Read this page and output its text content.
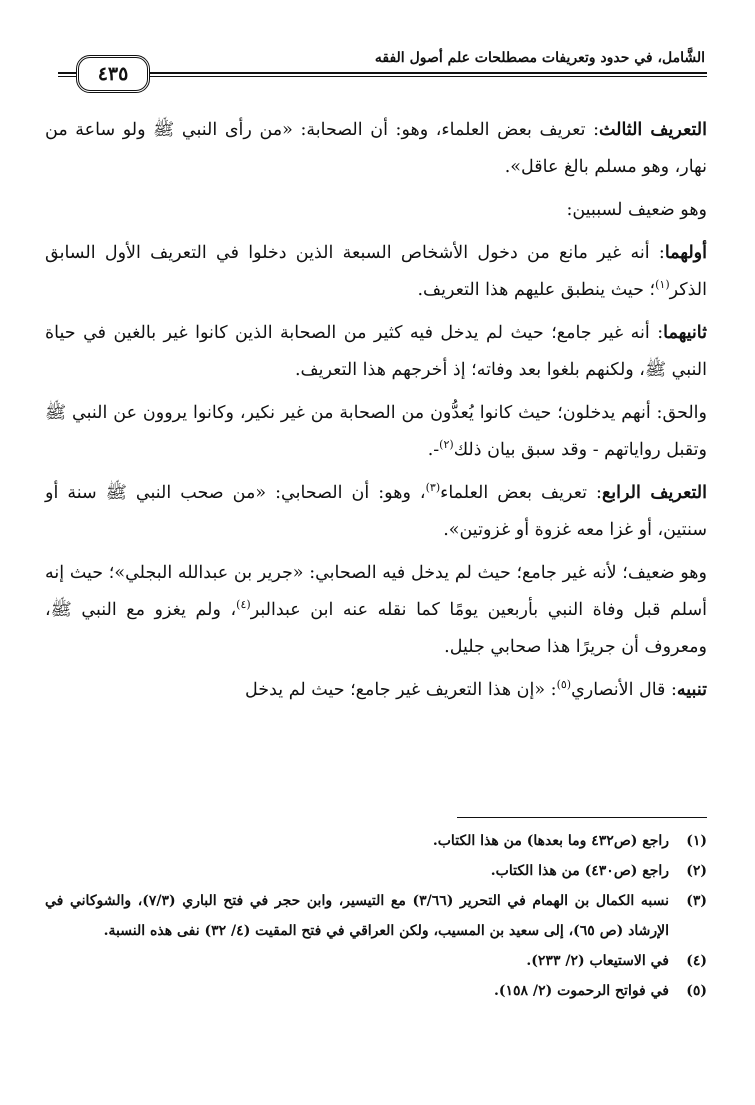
الشَّامل، في حدود وتعريفات مصطلحات علم أصول الفقه
٤٣٥

التعريف الثالث: تعريف بعض العلماء، وهو: أن الصحابة: «من رأى النبي ﷺ ولو ساعة من نهار، وهو مسلم بالغ عاقل».

وهو ضعيف لسببين:

أولهما: أنه غير مانع من دخول الأشخاص السبعة الذين دخلوا في التعريف الأول السابق الذكر$^{(١)}$؛ حيث ينطبق عليهم هذا التعريف.

ثانيهما: أنه غير جامع؛ حيث لم يدخل فيه كثير من الصحابة الذين كانوا غير بالغين في حياة النبي ﷺ، ولكنهم بلغوا بعد وفاته؛ إذ أخرجهم هذا التعريف.

والحق: أنهم يدخلون؛ حيث كانوا يُعدُّون من الصحابة من غير نكير، وكانوا يروون عن النبي ﷺ وتقبل رواياتهم - وقد سبق بيان ذلك$^{(٢)}$-.

التعريف الرابع: تعريف بعض العلماء$^{(٣)}$، وهو: أن الصحابي: «من صحب النبي ﷺ سنة أو سنتين، أو غزا معه غزوة أو غزوتين».

وهو ضعيف؛ لأنه غير جامع؛ حيث لم يدخل فيه الصحابي: «جرير بن عبدالله البجلي»؛ حيث إنه أسلم قبل وفاة النبي بأربعين يومًا كما نقله عنه ابن عبدالبر$^{(٤)}$، ولم يغزو مع النبي ﷺ، ومعروف أن جريرًا هذا صحابي جليل.

تنبيه: قال الأنصاري$^{(٥)}$: «إن هذا التعريف غير جامع؛ حيث لم يدخل

(١)
راجع (ص٤٣٢ وما بعدها) من هذا الكتاب.
(٢)
راجع (ص٤٣٠) من هذا الكتاب.
(٣)
نسبه الكمال بن الهمام في التحرير (٣/٦٦) مع التيسير، وابن حجر في فتح الباري (٧/٣)، والشوكاني في الإرشاد (ص ٦٥)، إلى سعيد بن المسيب، ولكن العراقي في فتح المقيت (٤/ ٣٢) نفى هذه النسبة.
(٤)
في الاستيعاب (٢/ ٢٣٣).
(٥)
في فواتح الرحموت (٢/ ١٥٨).
